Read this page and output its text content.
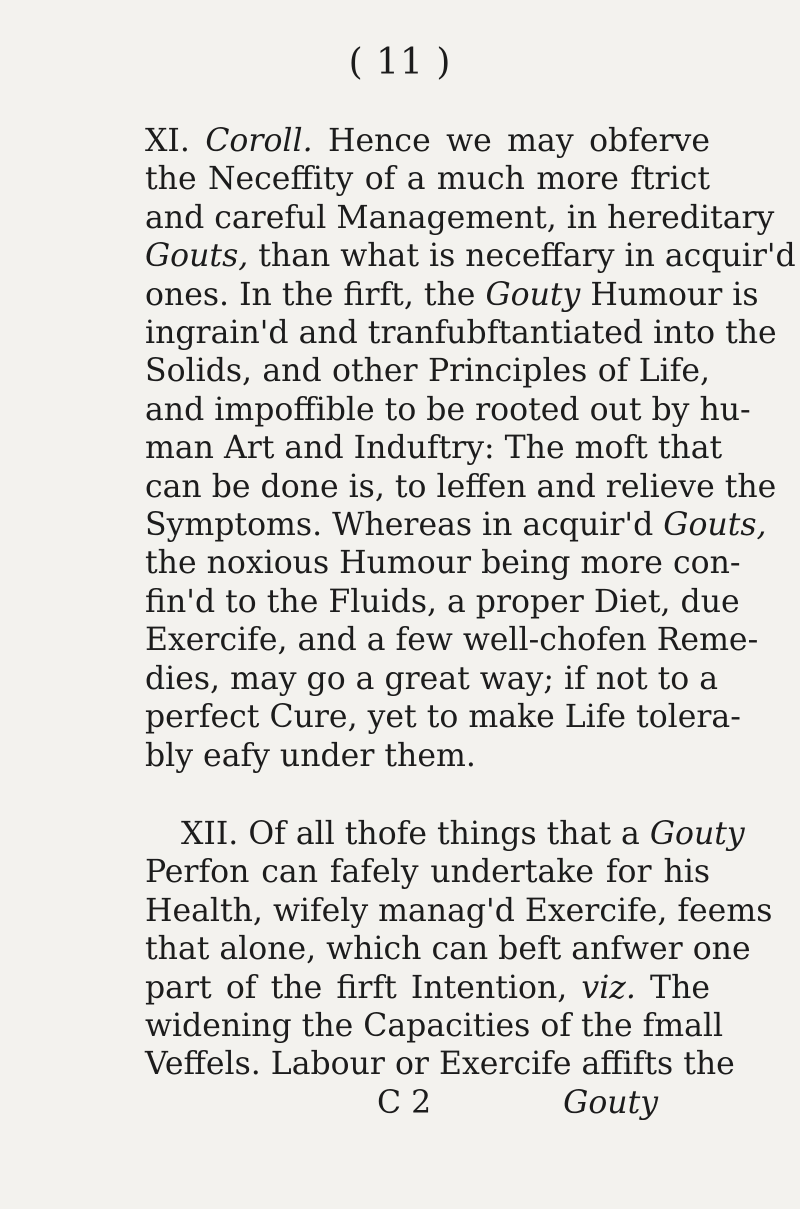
( 11 )
XI. Coroll. Hence we may obferve
the Neceffity of a much more ftrict
and careful Management, in hereditary
Gouts, than what is neceffary in acquir'd
ones. In the firft, the Gouty Humour is
ingrain'd and tranfubftantiated into the
Solids, and other Principles of Life,
and impoffible to be rooted out by hu-
man Art and Induftry: The moft that
can be done is, to leffen and relieve the
Symptoms. Whereas in acquir'd Gouts,
the noxious Humour being more con-
fin'd to the Fluids, a proper Diet, due
Exercife, and a few well-chofen Reme-
dies, may go a great way; if not to a
perfect Cure, yet to make Life tolera-
bly eafy under them.
XII. Of all thofe things that a Gouty
Perfon can fafely undertake for his
Health, wifely manag'd Exercife, feems
that alone, which can beft anfwer one
part of the firft Intention, viz. The
widening the Capacities of the fmall
Veffels. Labour or Exercife affifts the
C 2	Gouty
